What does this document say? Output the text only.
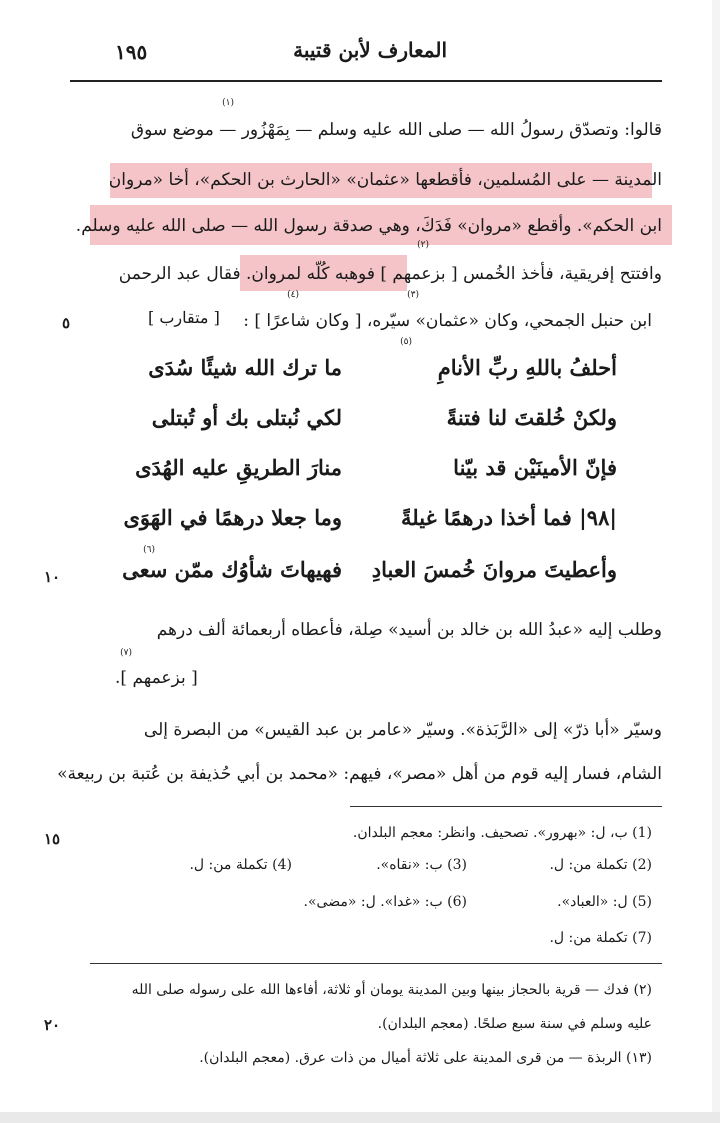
١٩٥	المعارف لأبن قتيبة
(١)
(٢)
(٣)
(٤)
(٥)
(٦)
(٧)
قالوا: وتصدّق رسولُ الله — صلى الله عليه وسلم — بِمَهْزُور — موضع سوق
المدينة — على المُسلمين، فأقطعها «عثمان» «الحارث بن الحكم»، أخا «مروان
ابن الحكم». وأقطع «مروان» فَدَكَ، وهي صدقة رسول الله — صلى الله عليه وسلم.
وافتتح إفريقية، فأخذ الخُمس [ بزعمهم ] فوهبه كُلّه لمروان. فقال عبد الرحمن
ابن حنبل الجمحي، وكان «عثمان» سيّره، [ وكان شاعرًا ] :
[ متقارب ]
٥
أحلفُ باللهِ ربِّ الأنامِ
ما ترك الله شيئًا سُدَى
ولكنْ خُلقتَ لنا فتنةً
لكي نُبتلى بك أو تُبتلى
فإنّ الأمينَيْن قد بيّنا
منارَ الطريقِ عليه الهُدَى
|٩٨| فما أخذا درهمًا غيلةً
وما جعلا درهمًا في الهَوَى
وأعطيتَ مروانَ خُمسَ العبادِ
فهيهاتَ شأوُك ممّن سعى
١٠
وطلب إليه «عبدُ الله بن خالد بن أسيد» صِلة، فأعطاه أربعمائة ألف درهم
[ بزعمهم ].
وسيّر «أبا ذرّ» إلى «الرَّبَذة». وسيّر «عامر بن عبد القيس» من البصرة إلى
الشام، فسار إليه قوم من أهل «مصر»، فيهم: «محمد بن أبي حُذيفة بن عُتبة بن ربيعة»
١٥	(1) ب، ل: «بهرور». تصحيف. وانظر: معجم البلدان.
(2) تكملة من: ل.
(3) ب: «نقاه».
(4) تكملة من: ل.
(5) ل: «العباد».
(6) ب: «غدا». ل: «مضى».
(7) تكملة من: ل.
(٢) فدك — قرية بالحجاز بينها وبين المدينة يومان أو ثلاثة، أفاءها الله على رسوله صلى الله
عليه وسلم في سنة سبع صلحًا. (معجم البلدان).
(١٣) الربذة — من قرى المدينة على ثلاثة أميال من ذات عرق. (معجم البلدان).
٢٠
